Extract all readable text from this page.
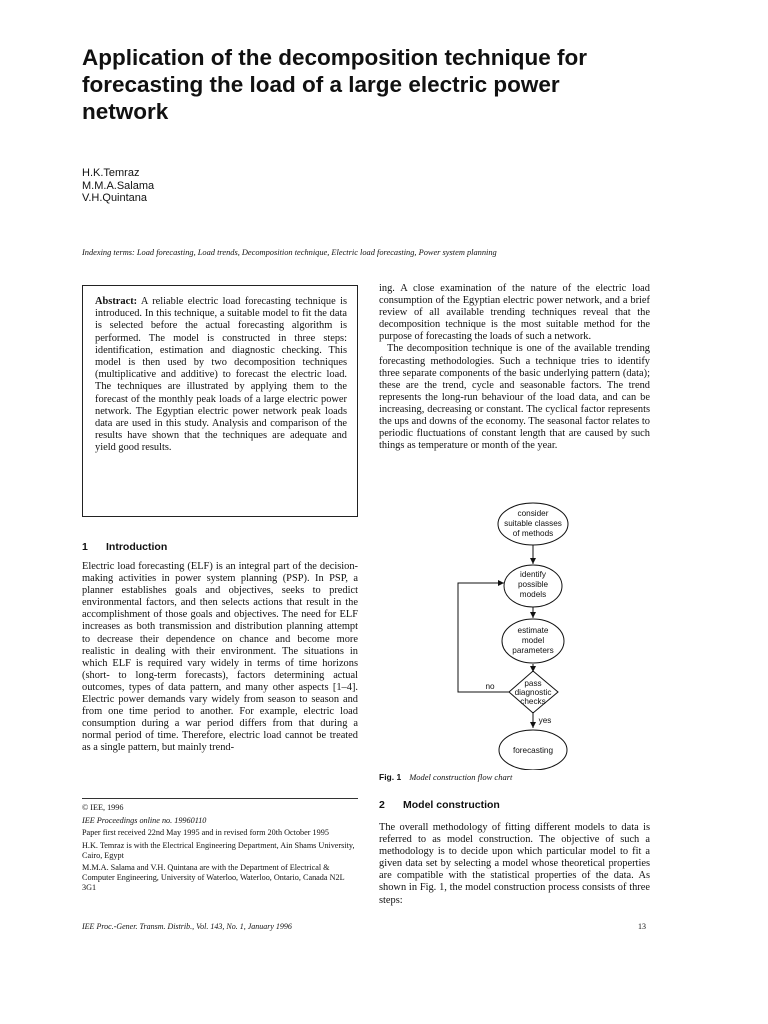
Application of the decomposition technique for forecasting the load of a large electric power network
H.K.Temraz
M.M.A.Salama
V.H.Quintana
Indexing terms: Load forecasting, Load trends, Decomposition technique, Electric load forecasting, Power system planning
Abstract: A reliable electric load forecasting technique is introduced. In this technique, a suitable model to fit the data is selected before the actual forecasting algorithm is performed. The model is constructed in three steps: identification, estimation and diagnostic checking. This model is then used by two decomposition techniques (multiplicative and additive) to forecast the electric load. The techniques are illustrated by applying them to the forecast of the monthly peak loads of a large electric power network. The Egyptian electric power network peak loads data are used in this study. Analysis and comparison of the results have shown that the techniques are adequate and yield good results.
1 Introduction

Electric load forecasting (ELF) is an integral part of the decision-making activities in power system planning (PSP). In PSP, a planner establishes goals and objectives, seeks to predict environmental factors, and then selects actions that result in the accomplishment of those goals and objectives. The need for ELF increases as both transmission and distribution planning attempt to decrease their dependence on chance and become more realistic in dealing with their environment. The situations in which ELF is required vary widely in terms of time horizons (short- to long-term forecasts), factors determining actual outcomes, types of data pattern, and many other aspects [1–4]. Electric power demands vary widely from season to season and from one time period to another. For example, electric load consumption during a war period differs from that during a normal period of time. Therefore, electric load cannot be treated as a single pattern, but mainly trend-

© IEE, 1996
IEE Proceedings online no. 19960110
Paper first received 22nd May 1995 and in revised form 20th October 1995
H.K. Temraz is with the Electrical Engineering Department, Ain Shams University, Cairo, Egypt
M.M.A. Salama and V.H. Quintana are with the Department of Electrical & Computer Engineering, University of Waterloo, Waterloo, Ontario, Canada N2L 3G1

ing. A close examination of the nature of the electric load consumption of the Egyptian electric power network, and a brief review of all available trending techniques reveal that the decomposition technique is the most suitable method for the purpose of forecasting the loads of such a network.

The decomposition technique is one of the available trending forecasting methodologies. Such a technique tries to identify three separate components of the basic underlying pattern (data); these are the trend, cycle and seasonable factors. The trend represents the long-run behaviour of the load data, and can be increasing, decreasing or constant. The cyclical factor represents the ups and downs of the economy. The seasonal factor relates to periodic fluctuations of constant length that are caused by such things as temperature or month of the year.

consider
suitable classes
of methods
identify
possible
models
estimate
model
parameters
pass
diagnostic
checks
forecasting
no
yes
Fig. 1 Model construction flow chart
2 Model construction

The overall methodology of fitting different models to data is referred to as model construction. The objective of such a methodology is to decide upon which particular model to fit a given data set by selecting a model whose theoretical properties are compatible with the statistical properties of the data. As shown in Fig. 1, the model construction process consists of three steps:

IEE Proc.-Gener. Transm. Distrib., Vol. 143, No. 1, January 1996	13
